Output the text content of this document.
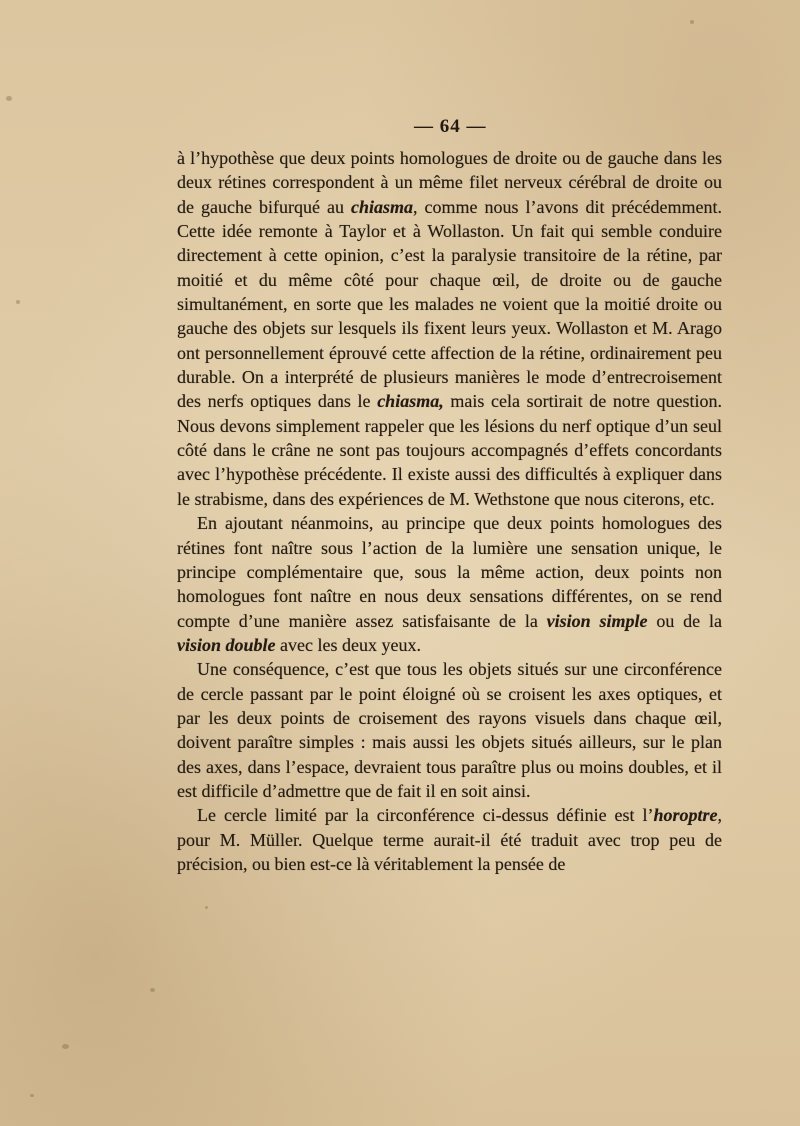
— 64 —

à l’hypothèse que deux points homologues de droite ou de gauche dans les deux rétines correspondent à un même filet nerveux cérébral de droite ou de gauche bifurqué au chiasma, comme nous l’avons dit précédemment. Cette idée remonte à Taylor et à Wollaston. Un fait qui semble conduire directement à cette opinion, c’est la paralysie transitoire de la rétine, par moitié et du même côté pour chaque œil, de droite ou de gauche simultanément, en sorte que les malades ne voient que la moitié droite ou gauche des objets sur lesquels ils fixent leurs yeux. Wollaston et M. Arago ont personnellement éprouvé cette affection de la rétine, ordinairement peu durable. On a interprété de plusieurs manières le mode d’entrecroisement des nerfs optiques dans le chiasma, mais cela sortirait de notre question. Nous devons simplement rappeler que les lésions du nerf optique d’un seul côté dans le crâne ne sont pas toujours accompagnés d’effets concordants avec l’hypothèse précédente. Il existe aussi des difficultés à expliquer dans le strabisme, dans des expériences de M. Wethstone que nous citerons, etc.

En ajoutant néanmoins, au principe que deux points homologues des rétines font naître sous l’action de la lumière une sensation unique, le principe complémentaire que, sous la même action, deux points non homologues font naître en nous deux sensations différentes, on se rend compte d’une manière assez satisfaisante de la vision simple ou de la vision double avec les deux yeux.

Une conséquence, c’est que tous les objets situés sur une circonférence de cercle passant par le point éloigné où se croisent les axes optiques, et par les deux points de croisement des rayons visuels dans chaque œil, doivent paraître simples : mais aussi les objets situés ailleurs, sur le plan des axes, dans l’espace, devraient tous paraître plus ou moins doubles, et il est difficile d’admettre que de fait il en soit ainsi.

Le cercle limité par la circonférence ci-dessus définie est l’horoptre, pour M. Müller. Quelque terme aurait-il été traduit avec trop peu de précision, ou bien est-ce là véritablement la pensée de
